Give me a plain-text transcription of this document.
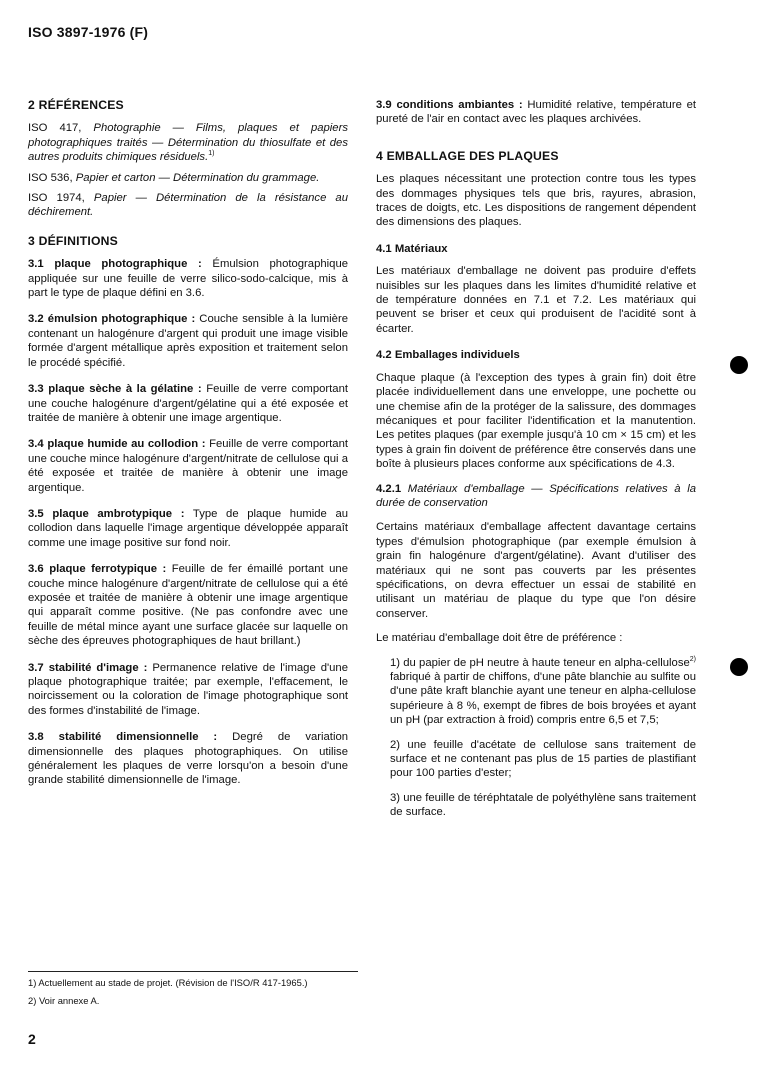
ISO 3897-1976 (F)

2 RÉFÉRENCES

ISO 417, Photographie — Films, plaques et papiers photographiques traités — Détermination du thiosulfate et des autres produits chimiques résiduels.$^{1)}$

ISO 536, Papier et carton — Détermination du grammage.

ISO 1974, Papier — Détermination de la résistance au déchirement.

3 DÉFINITIONS

3.1 plaque photographique : Émulsion photographique appliquée sur une feuille de verre silico-sodo-calcique, mis à part le type de plaque défini en 3.6.

3.2 émulsion photographique : Couche sensible à la lumière contenant un halogénure d'argent qui produit une image visible formée d'argent métallique après exposition et traitement selon le procédé spécifié.

3.3 plaque sèche à la gélatine : Feuille de verre comportant une couche halogénure d'argent/gélatine qui a été exposée et traitée de manière à obtenir une image argentique.

3.4 plaque humide au collodion : Feuille de verre comportant une couche mince halogénure d'argent/nitrate de cellulose qui a été exposée et traitée de manière à obtenir une image argentique.

3.5 plaque ambrotypique : Type de plaque humide au collodion dans laquelle l'image argentique développée apparaît comme une image positive sur fond noir.

3.6 plaque ferrotypique : Feuille de fer émaillé portant une couche mince halogénure d'argent/nitrate de cellulose qui a été exposée et traitée de manière à obtenir une image argentique qui apparaît comme positive. (Ne pas confondre avec une feuille de métal mince ayant une surface glacée sur laquelle on sèche des épreuves photographiques de haut brillant.)

3.7 stabilité d'image : Permanence relative de l'image d'une plaque photographique traitée; par exemple, l'effacement, le noircissement ou la coloration de l'image photographique sont des formes d'instabilité de l'image.

3.8 stabilité dimensionnelle : Degré de variation dimensionnelle des plaques photographiques. On utilise généralement les plaques de verre lorsqu'on a besoin d'une grande stabilité dimensionnelle de l'image.

3.9 conditions ambiantes : Humidité relative, température et pureté de l'air en contact avec les plaques archivées.

4 EMBALLAGE DES PLAQUES

Les plaques nécessitant une protection contre tous les types des dommages physiques tels que bris, rayures, abrasion, traces de doigts, etc. Les dispositions de rangement dépendent des dimensions des plaques.

4.1 Matériaux

Les matériaux d'emballage ne doivent pas produire d'effets nuisibles sur les plaques dans les limites d'humidité relative et de température données en 7.1 et 7.2. Les matériaux qui peuvent se briser et ceux qui produisent de l'acidité sont à écarter.

4.2 Emballages individuels

Chaque plaque (à l'exception des types à grain fin) doit être placée individuellement dans une enveloppe, une pochette ou une chemise afin de la protéger de la salissure, des dommages mécaniques et pour faciliter l'identification et la manutention. Les petites plaques (par exemple jusqu'à 10 cm × 15 cm) et les types à grain fin doivent de préférence être conservés dans une boîte à plusieurs places conforme aux spécifications de 4.3.

4.2.1 Matériaux d'emballage — Spécifications relatives à la durée de conservation

Certains matériaux d'emballage affectent davantage certains types d'émulsion photographique (par exemple émulsion à grain fin halogénure d'argent/gélatine). Avant d'utiliser des matériaux qui ne sont pas couverts par les présentes spécifications, on devra effectuer un essai de stabilité en utilisant un matériau de plaque du type que l'on désire conserver.

Le matériau d'emballage doit être de préférence :

1) du papier de pH neutre à haute teneur en alpha-cellulose$^{2)}$ fabriqué à partir de chiffons, d'une pâte blanchie au sulfite ou d'une pâte kraft blanchie ayant une teneur en alpha-cellulose supérieure à 8 %, exempt de fibres de bois broyées et ayant un pH (par extraction à froid) compris entre 6,5 et 7,5;

2) une feuille d'acétate de cellulose sans traitement de surface et ne contenant pas plus de 15 parties de plastifiant pour 100 parties d'ester;

3) une feuille de téréphtatale de polyéthylène sans traitement de surface.

1) Actuellement au stade de projet. (Révision de l'ISO/R 417-1965.)
2) Voir annexe A.
2
